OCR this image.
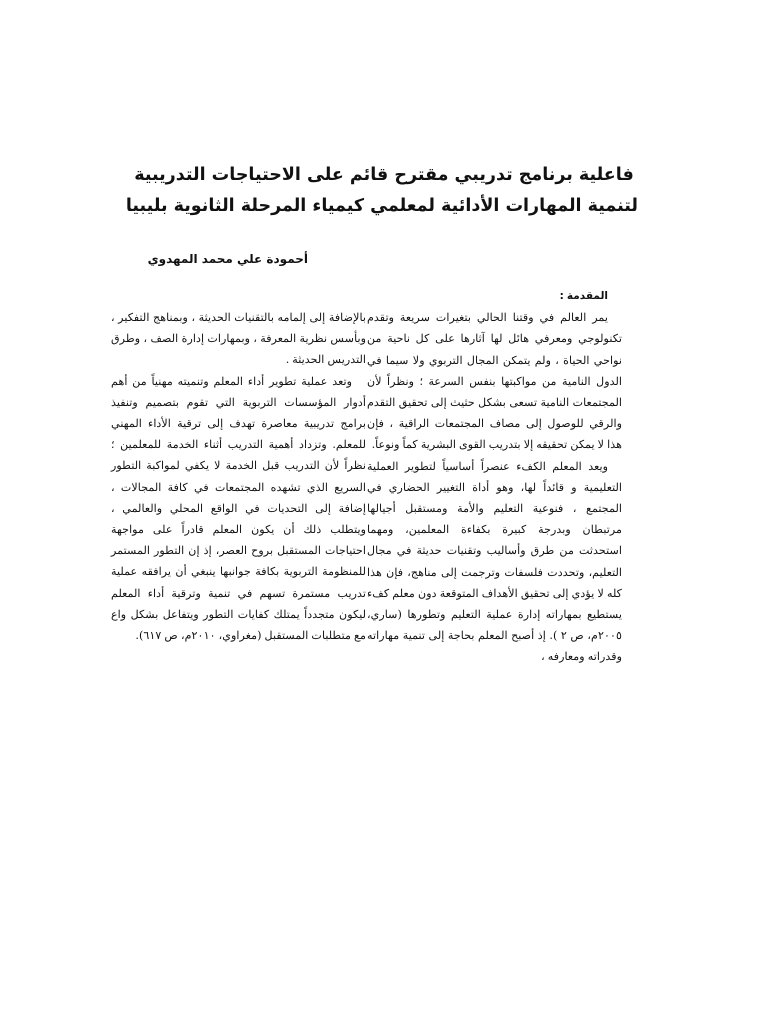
فاعلية برنامج تدريبي مقترح قائم على الاحتياجات التدريبية
لتنمية المهارات الأدائية لمعلمي كيمياء المرحلة الثانوية بليبيا

أحمودة علي محمد المهدوي

المقدمة :

يمر العالم في وقتنا الحالي بتغيرات سريعة وتقدم تكنولوجي ومعرفي هائل لها آثارها على كل ناحية من نواحي الحياة ، ولم يتمكن المجال التربوي ولا سيما في الدول النامية من مواكبتها بنفس السرعة ؛ ونظراً لأن المجتمعات النامية تسعى بشكل حثيث إلى تحقيق التقدم والرقي للوصول إلى مصاف المجتمعات الراقية ، فإن هذا لا يمكن تحقيقه إلا بتدريب القوى البشرية كماً ونوعاً.

ويعد المعلم الكفء عنصراً أساسياً لتطوير العملية التعليمية و قائداً لها، وهو أداة التغيير الحضاري في المجتمع ، فنوعية التعليم والأمة ومستقبل أجيالها مرتبطان وبدرجة كبيرة بكفاءة المعلمين، ومهما استحدثت من طرق وأساليب وتقنيات حديثة في مجال التعليم، وتحددت فلسفات وترجمت إلى مناهج، فإن هذا كله لا يؤدي إلى تحقيق الأهداف المتوقعة دون معلم كفء يستطيع بمهاراته إدارة عملية التعليم وتطورها (ساري، ٢٠٠٥م، ص ٢ ). إذ أصبح المعلم بحاجة إلى تنمية مهاراته وقدراته ومعارفه ،

بالإضافة إلى إلمامه بالتقنيات الحديثة ، وبمناهج التفكير ، وبأسس نظرية المعرفة ، وبمهارات إدارة الصف ، وطرق التدريس الحديثة .

وتعد عملية تطوير أداء المعلم وتنميته مهنياً من أهم أدوار المؤسسات التربوية التي تقوم بتصميم وتنفيذ برامج تدريبية معاصرة تهدف إلى ترقية الأداء المهني للمعلم. وتزداد أهمية التدريب أثناء الخدمة للمعلمين ؛ نظراً لأن التدريب قبل الخدمة لا يكفي لمواكبة التطور السريع الذي تشهده المجتمعات في كافة المجالات ، إضافة إلى التحديات في الواقع المحلي والعالمي ، ويتطلب ذلك أن يكون المعلم قادراً على مواجهة احتياجات المستقبل بروح العصر، إذ إن التطور المستمر للمنظومة التربوية بكافة جوانبها ينبغي أن يرافقه عملية تدريب مستمرة تسهم في تنمية وترقية أداء المعلم ليكون متجدداً يمتلك كفايات التطور ويتفاعل بشكل واع مع متطلبات المستقبل (مغراوي، ٢٠١٠م، ص ٦١٧).
